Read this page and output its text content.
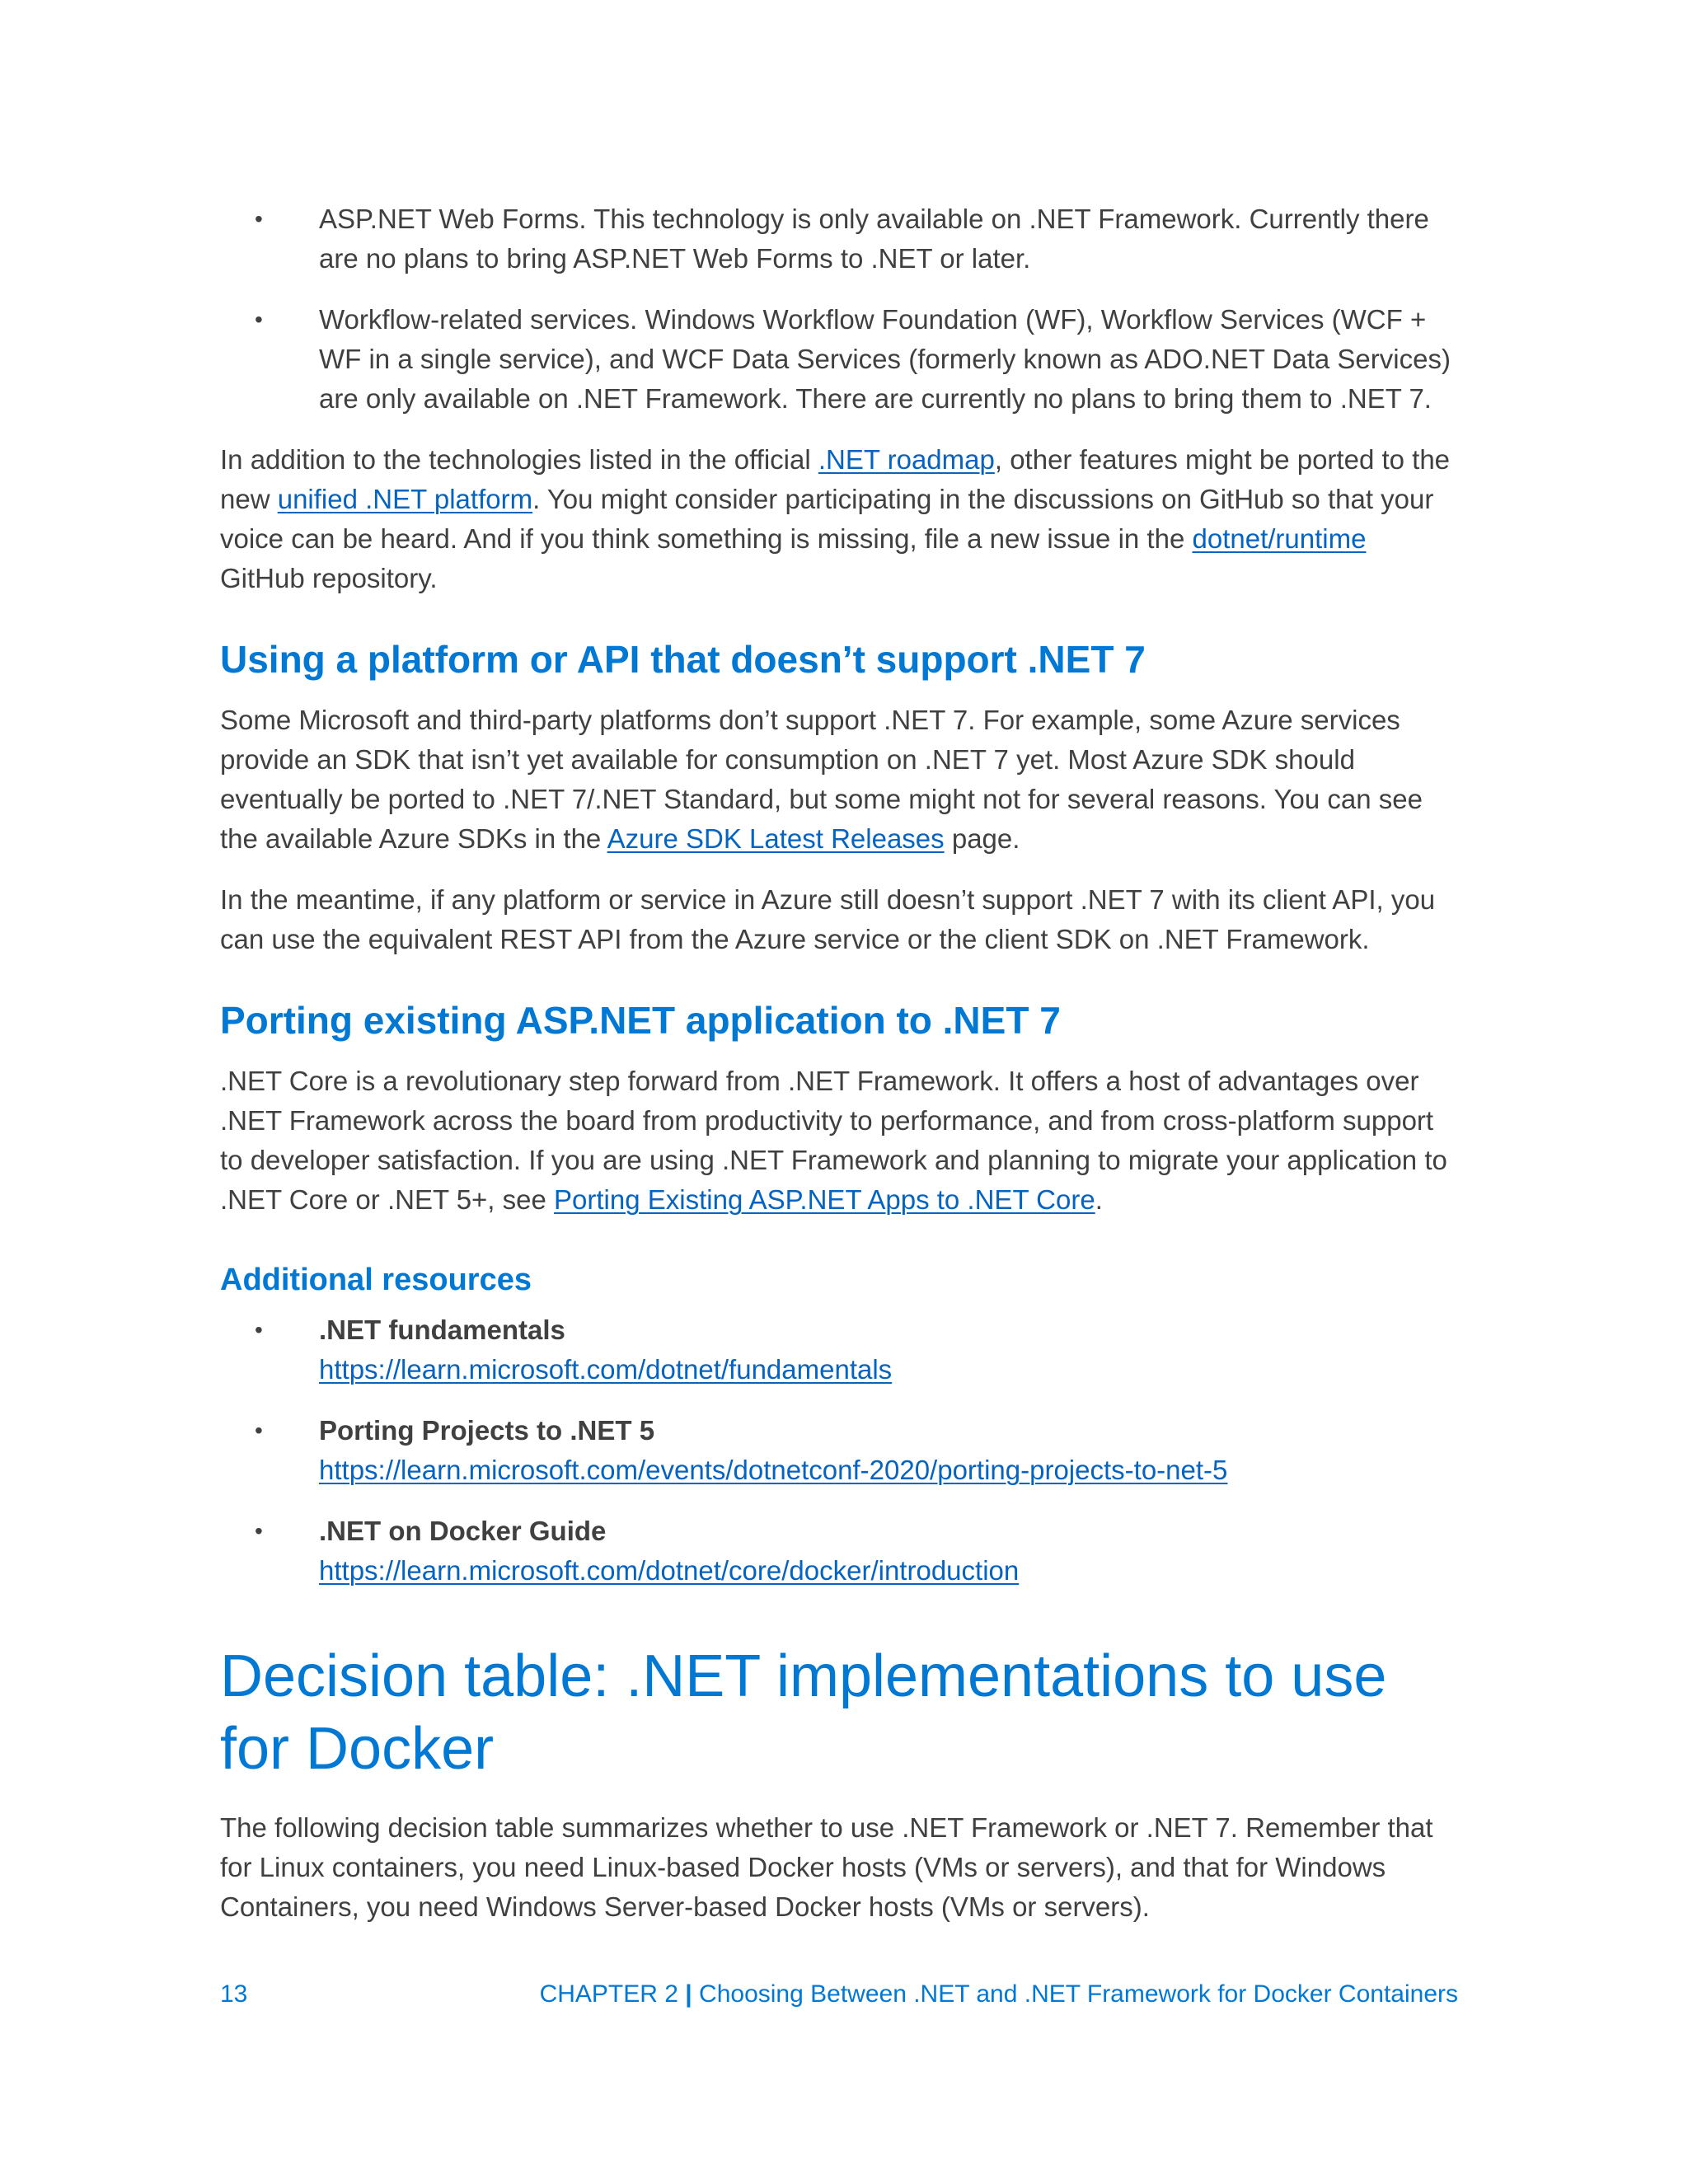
• ASP.NET Web Forms. This technology is only available on .NET Framework. Currently there are no plans to bring ASP.NET Web Forms to .NET or later.
• Workflow-related services. Windows Workflow Foundation (WF), Workflow Services (WCF + WF in a single service), and WCF Data Services (formerly known as ADO.NET Data Services) are only available on .NET Framework. There are currently no plans to bring them to .NET 7.

In addition to the technologies listed in the official .NET roadmap, other features might be ported to the new unified .NET platform. You might consider participating in the discussions on GitHub so that your voice can be heard. And if you think something is missing, file a new issue in the dotnet/runtime GitHub repository.

Using a platform or API that doesn’t support .NET 7

Some Microsoft and third-party platforms don’t support .NET 7. For example, some Azure services provide an SDK that isn’t yet available for consumption on .NET 7 yet. Most Azure SDK should eventually be ported to .NET 7/.NET Standard, but some might not for several reasons. You can see the available Azure SDKs in the Azure SDK Latest Releases page.

In the meantime, if any platform or service in Azure still doesn’t support .NET 7 with its client API, you can use the equivalent REST API from the Azure service or the client SDK on .NET Framework.

Porting existing ASP.NET application to .NET 7

.NET Core is a revolutionary step forward from .NET Framework. It offers a host of advantages over .NET Framework across the board from productivity to performance, and from cross-platform support to developer satisfaction. If you are using .NET Framework and planning to migrate your application to .NET Core or .NET 5+, see Porting Existing ASP.NET Apps to .NET Core.

Additional resources
• .NET fundamentals
https://learn.microsoft.com/dotnet/fundamentals
• Porting Projects to .NET 5
https://learn.microsoft.com/events/dotnetconf-2020/porting-projects-to-net-5
• .NET on Docker Guide
https://learn.microsoft.com/dotnet/core/docker/introduction
Decision table: .NET implementations to use for Docker

The following decision table summarizes whether to use .NET Framework or .NET 7. Remember that for Linux containers, you need Linux-based Docker hosts (VMs or servers), and that for Windows Containers, you need Windows Server-based Docker hosts (VMs or servers).

13	CHAPTER 2 | Choosing Between .NET and .NET Framework for Docker Containers
